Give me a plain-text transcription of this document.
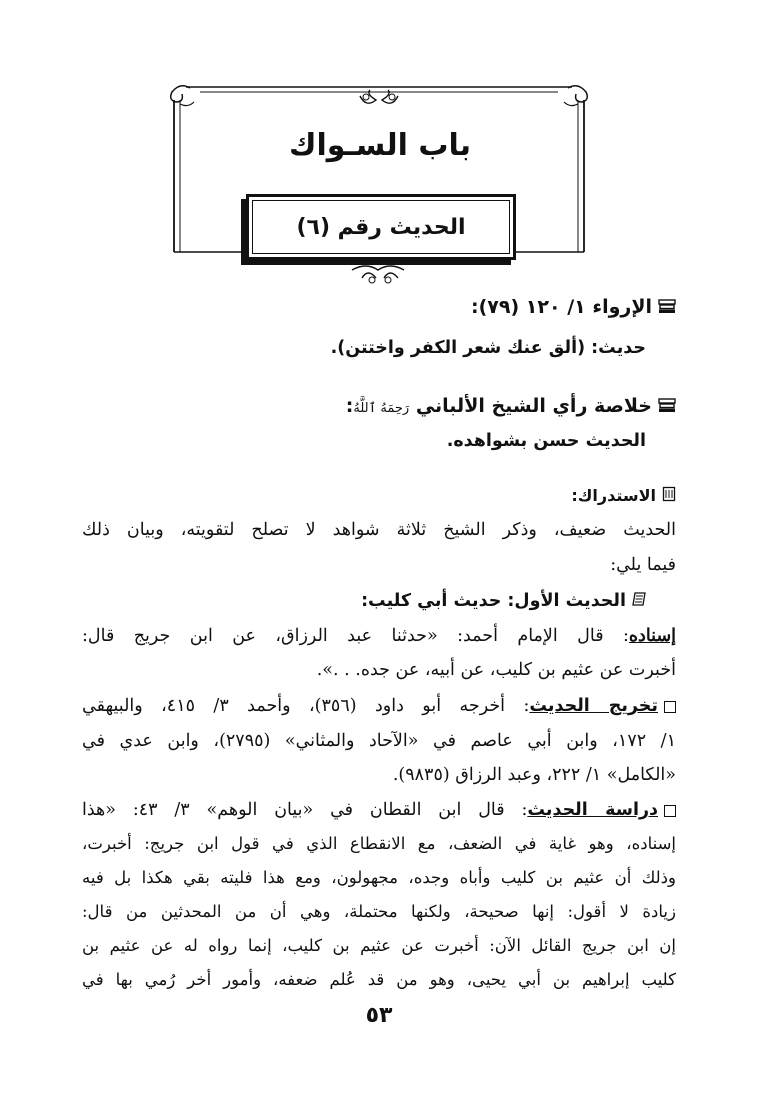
باب السـواك
الحديث رقم (٦)
الإرواء ١/ ١٢٠ (٧٩):
حديث: (ألق عنك شعر الكفر واختتن).
خلاصة رأي الشيخ الألباني رَحِمَهُ ٱللَّهُ:
الحديث حسن بشواهده.
الاستدراك:
الحديث ضعيف، وذكر الشيخ ثلاثة شواهد لا تصلح لتقويته، وبيان ذلك
فيما يلي:
الحديث الأول: حديث أبي كليب:
إسناده: قال الإمام أحمد: «حدثنا عبد الرزاق، عن ابن جريج قال:
أخبرت عن عثيم بن كليب، عن أبيه، عن جده. . .».
تخريج الحديث: أخرجه أبو داود (٣٥٦)، وأحمد ٣/ ٤١٥، والبيهقي
١/ ١٧٢، وابن أبي عاصم في «الآحاد والمثاني» (٢٧٩٥)، وابن عدي في
«الكامل» ١/ ٢٢٢، وعبد الرزاق (٩٨٣٥).
دراسة الحديث: قال ابن القطان في «بيان الوهم» ٣/ ٤٣: «هذا
إسناده، وهو غاية في الضعف، مع الانقطاع الذي في قول ابن جريج: أخبرت،
وذلك أن عثيم بن كليب وأباه وجده، مجهولون، ومع هذا فليته بقي هكذا بل فيه
زيادة لا أقول: إنها صحيحة، ولكنها محتملة، وهي أن من المحدثين من قال:
إن ابن جريج القائل الآن: أخبرت عن عثيم بن كليب، إنما رواه له عن عثيم بن
كليب إبراهيم بن أبي يحيى، وهو من قد عُلم ضعفه، وأمور أخر رُمي بها في
٥٣
